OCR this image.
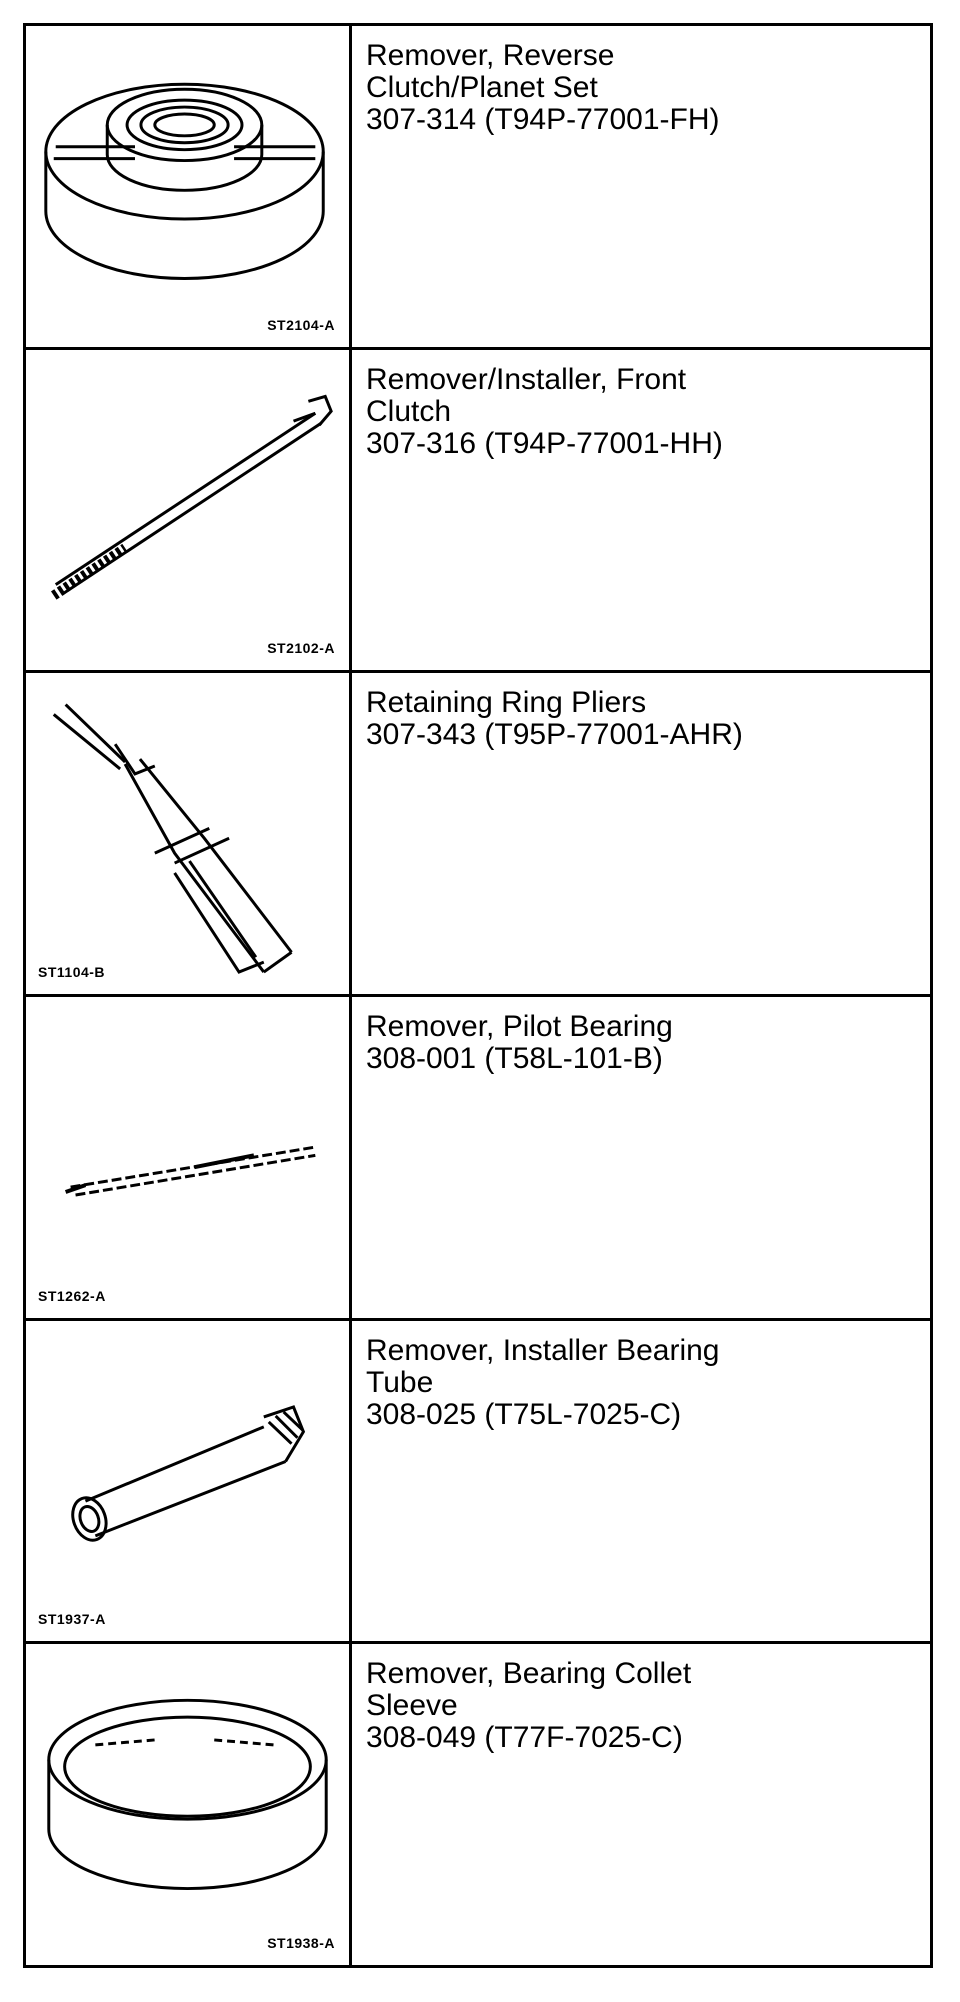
ST2104-A
Remover, Reverse
Clutch/Planet Set
307-314 (T94P-77001-FH)
ST2102-A
Remover/Installer, Front
Clutch
307-316 (T94P-77001-HH)
ST1104-B
Retaining Ring Pliers
307-343 (T95P-77001-AHR)
ST1262-A
Remover, Pilot Bearing
308-001 (T58L-101-B)
ST1937-A
Remover, Installer Bearing
Tube
308-025 (T75L-7025-C)
ST1938-A
Remover, Bearing Collet
Sleeve
308-049 (T77F-7025-C)
